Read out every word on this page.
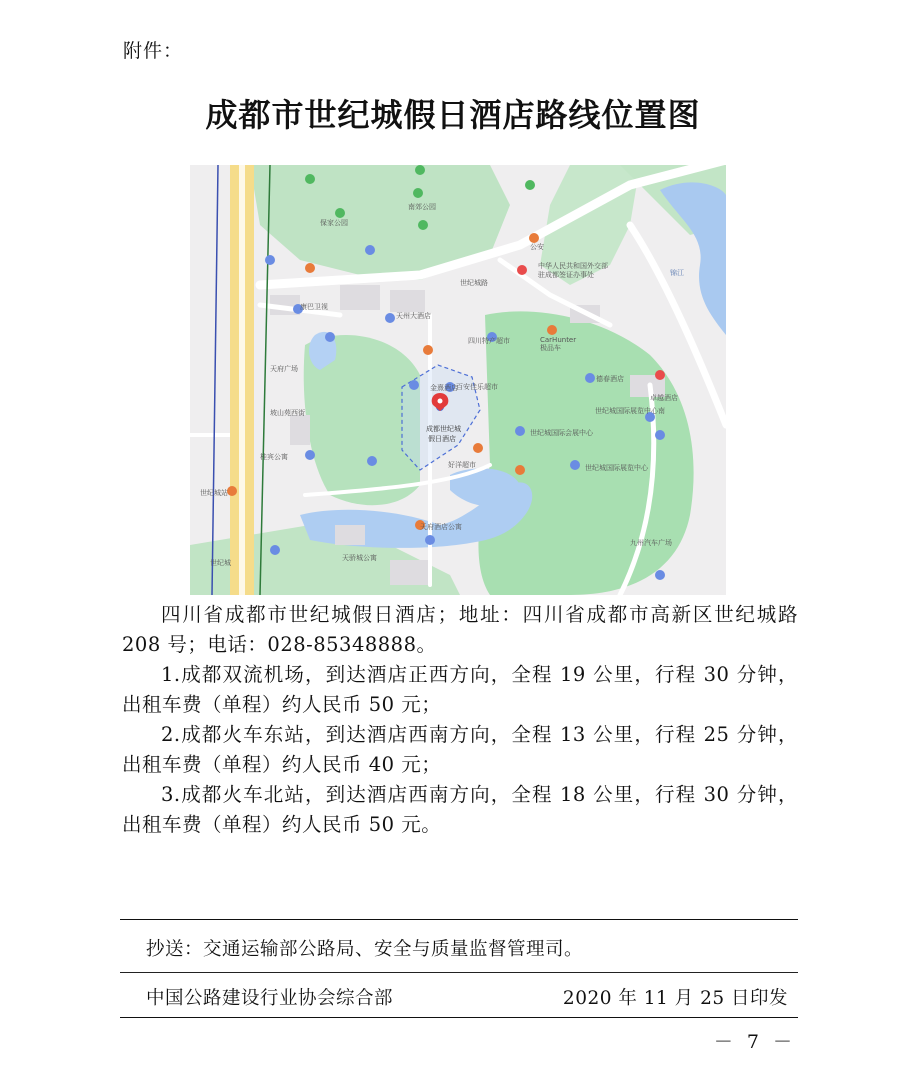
附件：
成都市世纪城假日酒店路线位置图
世纪城路
成都世纪城
假日酒店
中华人民共和国外交部
驻成都签证办事处
公安
康巴卫视
天州大酒店
金熹酒店
百安佳乐超市
四川特产超市	CarHunter
极品车
德春酒店
世纪城国际会展中心
世纪城国际展览中心
天府酒店公寓
坡山苑西街
桂宾公寓
天骄城公寓
世纪城
天府广场
保家公园
南郊公园
锦江
好洋超市
世纪城国际展览中心南
九州汽车广场
世纪城站
卓越酒店

四川省成都市世纪城假日酒店；地址：四川省成都市高新区世纪城路 208 号；电话：028-85348888。

1.成都双流机场，到达酒店正西方向，全程 19 公里，行程 30 分钟，出租车费（单程）约人民币 50 元；

2.成都火车东站，到达酒店西南方向，全程 13 公里，行程 25 分钟，出租车费（单程）约人民币 40 元；

3.成都火车北站，到达酒店西南方向，全程 18 公里，行程 30 分钟，出租车费（单程）约人民币 50 元。

抄送：交通运输部公路局、安全与质量监督管理司。
中国公路建设行业协会综合部	2020 年 11 月 25 日印发
－ 7 －
